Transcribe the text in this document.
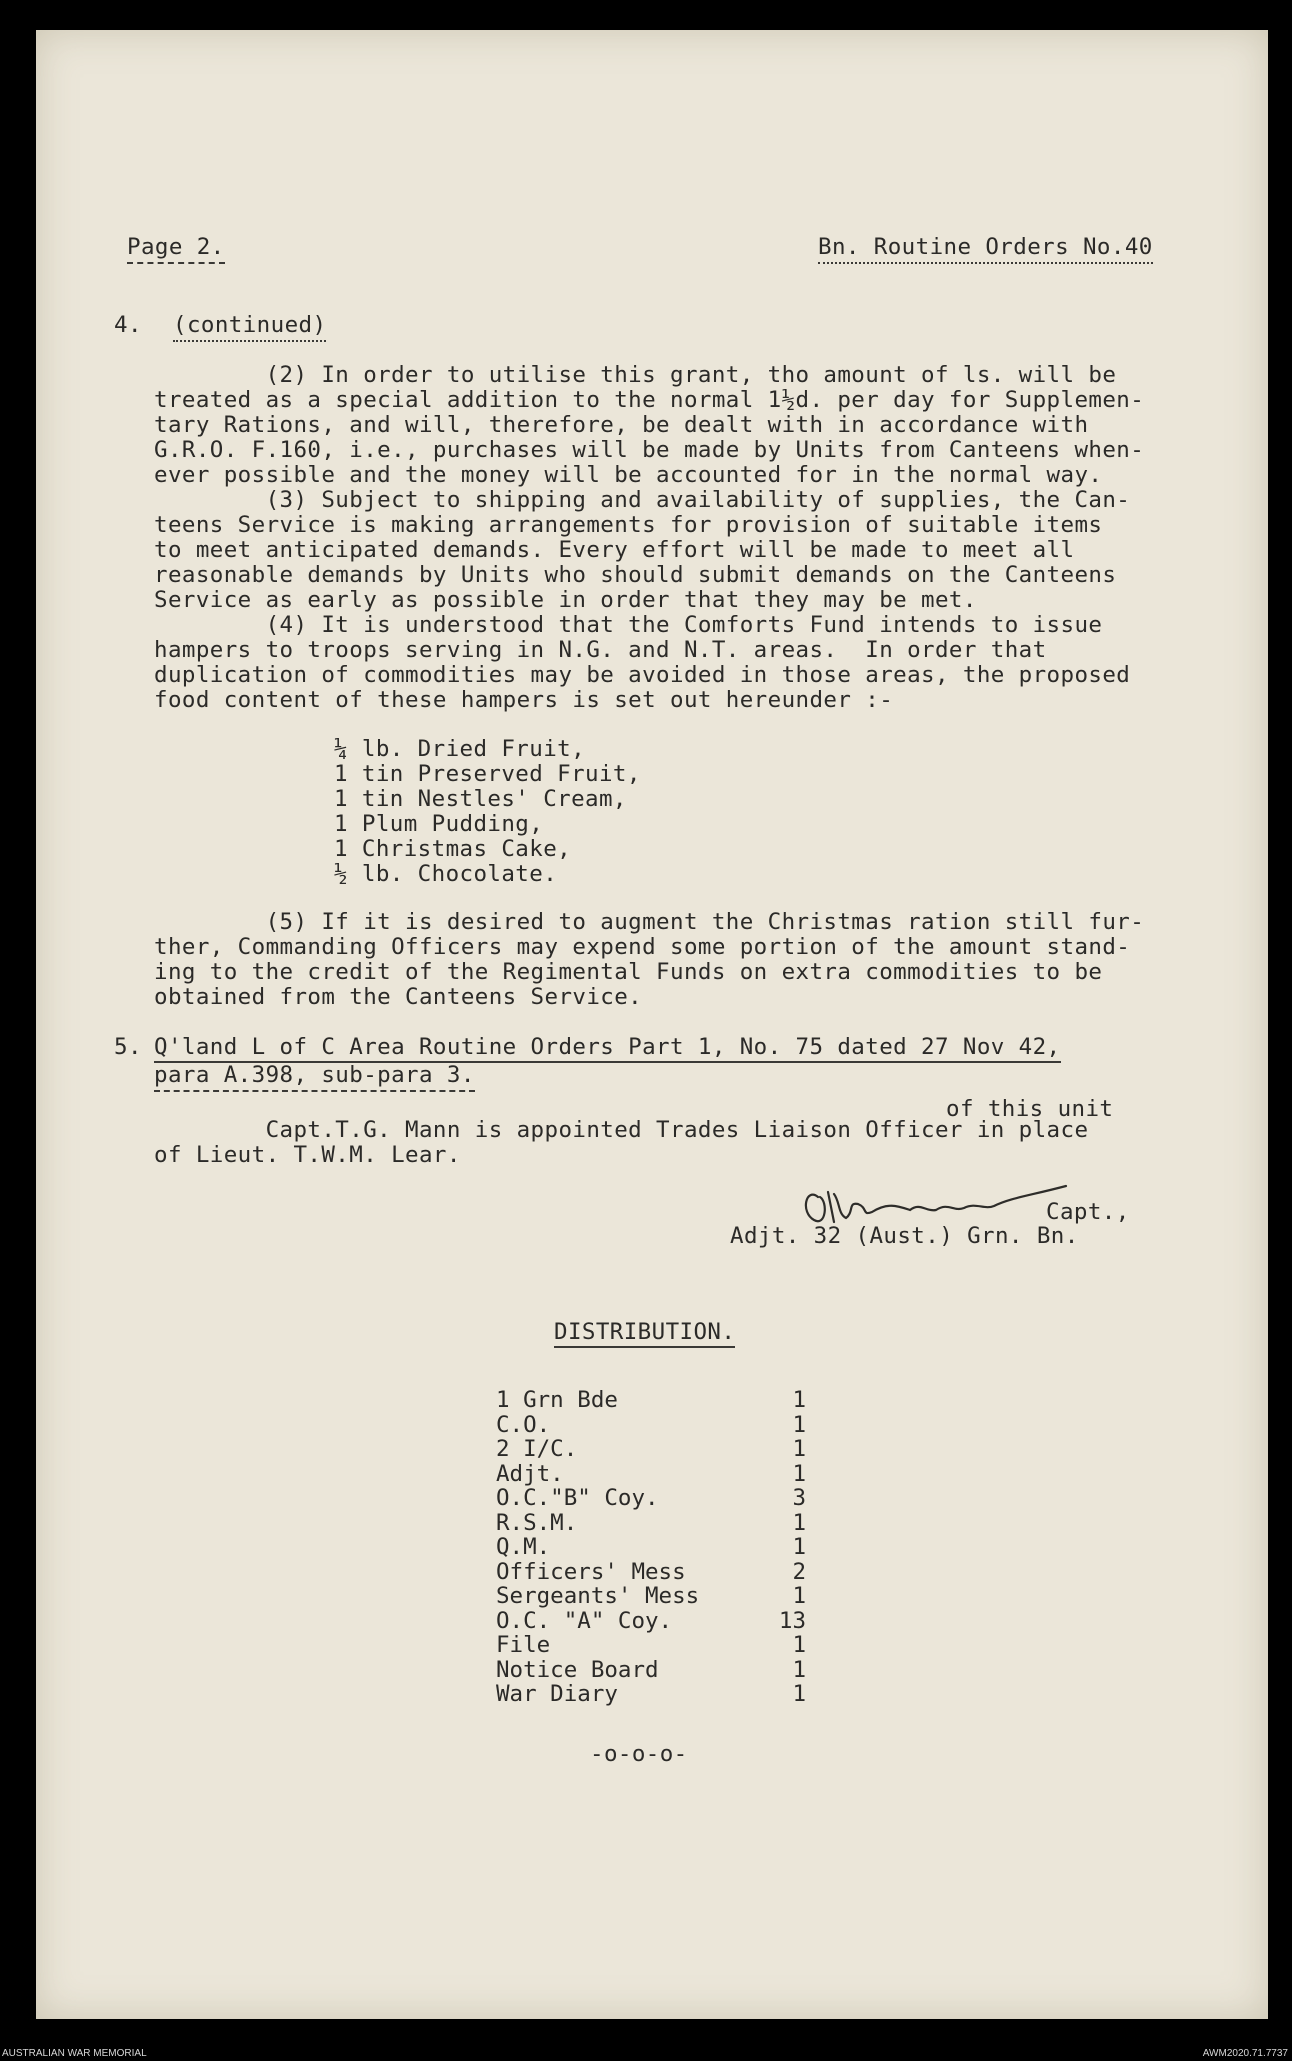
Page 2.	Bn. Routine Orders No.40
4. (continued)
(2) In order to utilise this grant, tho amount of ls. will be
treated as a special addition to the normal 1½d. per day for Supplemen-
tary Rations, and will, therefore, be dealt with in accordance with
G.R.O. F.160, i.e., purchases will be made by Units from Canteens when-
ever possible and the money will be accounted for in the normal way.
(3) Subject to shipping and availability of supplies, the Can-
teens Service is making arrangements for provision of suitable items
to meet anticipated demands. Every effort will be made to meet all
reasonable demands by Units who should submit demands on the Canteens
Service as early as possible in order that they may be met.
(4) It is understood that the Comforts Fund intends to issue
hampers to troops serving in N.G. and N.T. areas.  In order that
duplication of commodities may be avoided in those areas, the proposed
food content of these hampers is set out hereunder :-
¼ lb. Dried Fruit,
1 tin Preserved Fruit,
1 tin Nestles' Cream,
1 Plum Pudding,
1 Christmas Cake,
½ lb. Chocolate.
(5) If it is desired to augment the Christmas ration still fur-
ther, Commanding Officers may expend some portion of the amount stand-
ing to the credit of the Regimental Funds on extra commodities to be
obtained from the Canteens Service.
5. Q'land L of C Area Routine Orders Part 1, No. 75 dated 27 Nov 42,
para A.398, sub-para 3.
of this unit
Capt.T.G. Mann is appointed Trades Liaison Officer in place
of Lieut. T.W.M. Lear.
Capt.,
Adjt. 32 (Aust.) Grn. Bn.
DISTRIBUTION.
1 Grn Bde	1
C.O.	1
2 I/C.	1
Adjt.	1
O.C."B" Coy.	3
R.S.M.	1
Q.M.	1
Officers' Mess	2
Sergeants' Mess	1
O.C. "A" Coy.	13
File	1
Notice Board	1
War Diary	1
-o-o-o-
AUSTRALIAN WAR MEMORIAL	AWM2020.71.7737
